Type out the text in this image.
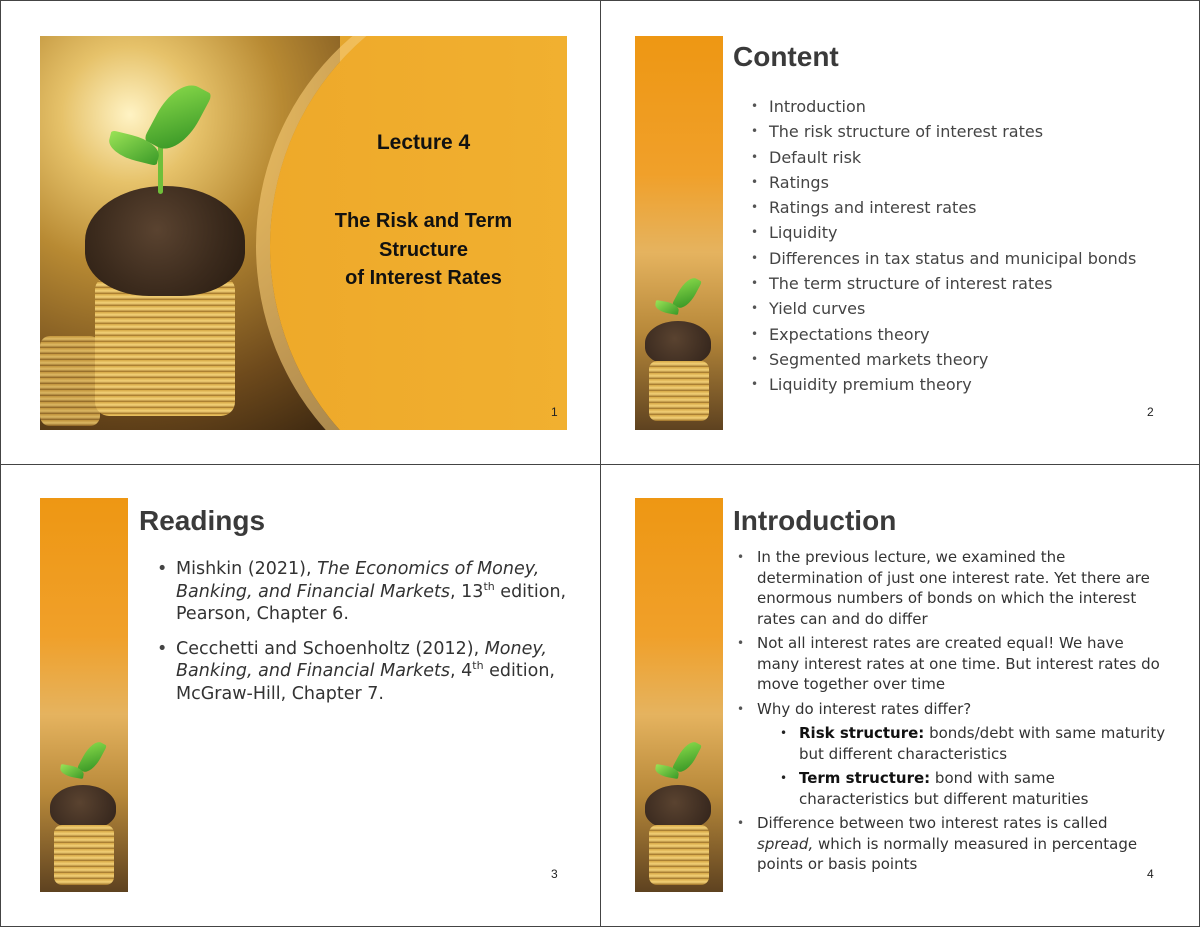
Lecture 4
The Risk and Term
Structure
of Interest Rates
1
Content
• Introduction
• The risk structure of interest rates
• Default risk
• Ratings
• Ratings and interest rates
• Liquidity
• Differences in tax status and municipal bonds
• The term structure of interest rates
• Yield curves
• Expectations theory
• Segmented markets theory
• Liquidity premium theory
2
Readings
• Mishkin (2021), The Economics of Money, Banking, and Financial Markets, 13th edition, Pearson, Chapter 6.
• Cecchetti and Schoenholtz (2012), Money, Banking, and Financial Markets, 4th edition, McGraw-Hill, Chapter 7.
3
Introduction
• In the previous lecture, we examined the determination of just one interest rate. Yet there are enormous numbers of bonds on which the interest rates can and do differ
• Not all interest rates are created equal! We have many interest rates at one time. But interest rates do move together over time
• Why do interest rates differ?
• Risk structure: bonds/debt with same maturity but different characteristics
• Term structure: bond with same characteristics but different maturities
• Difference between two interest rates is called spread, which is normally measured in percentage points or basis points
4
